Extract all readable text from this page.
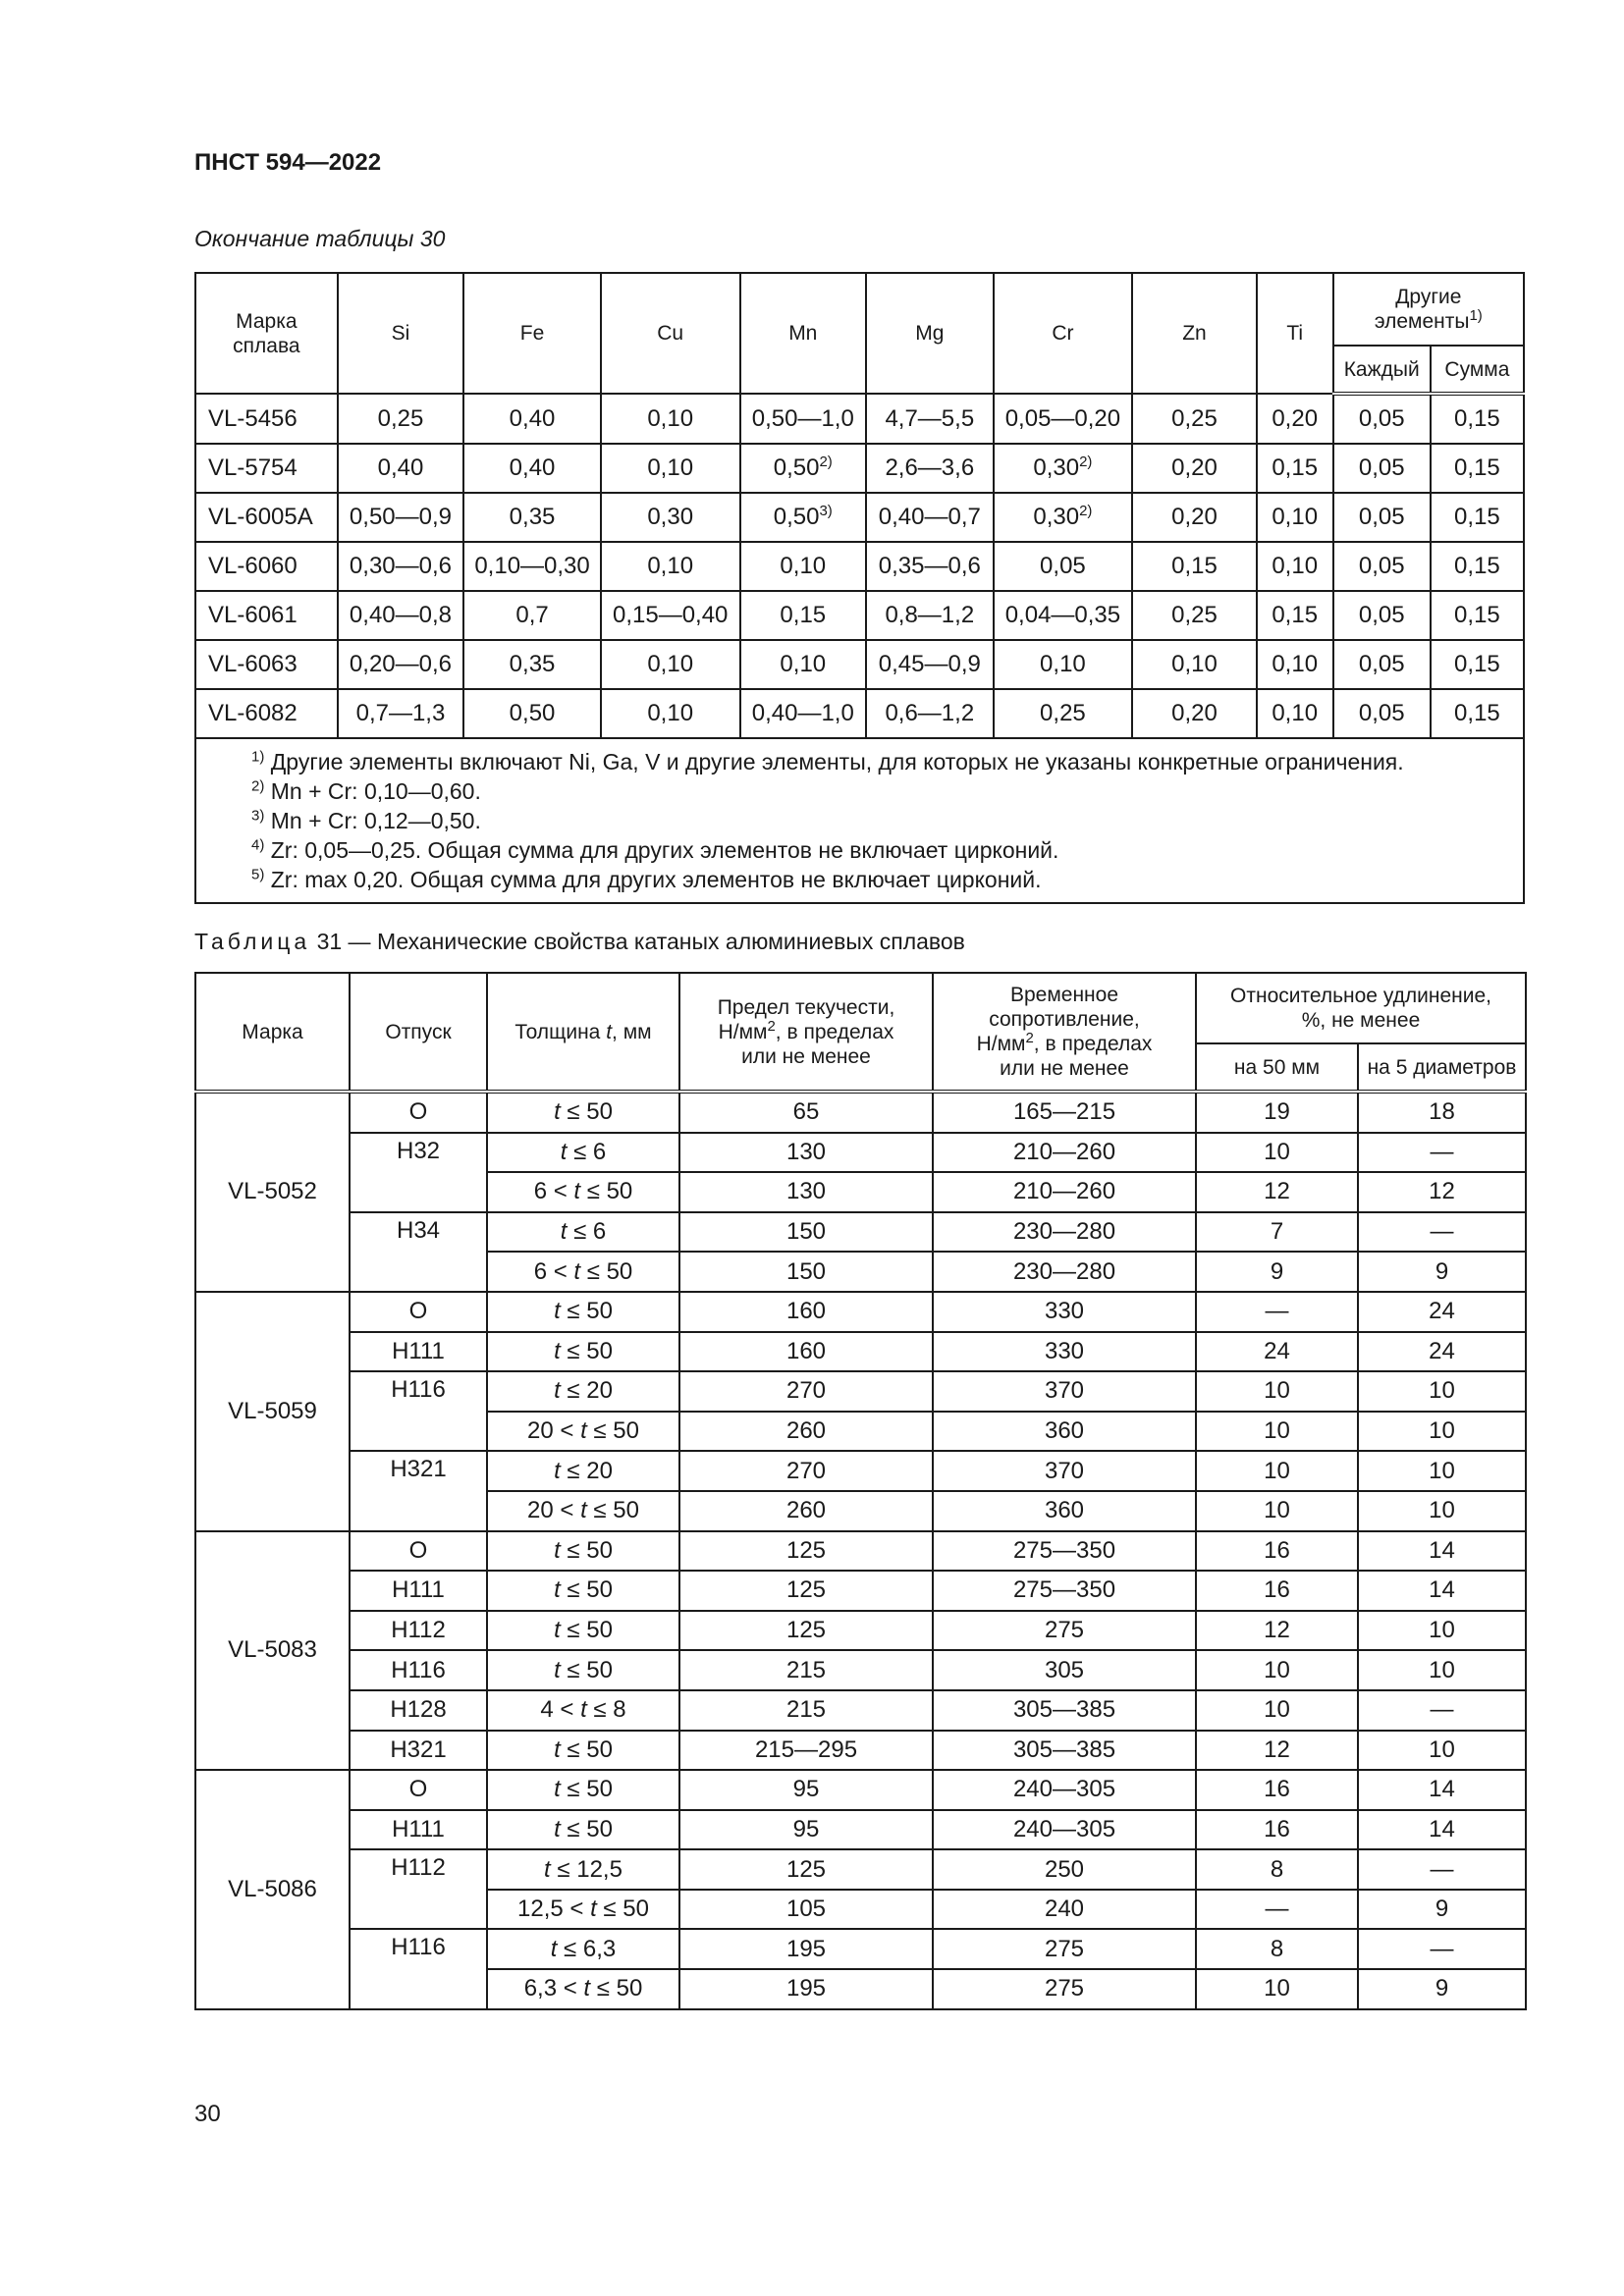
ПНСТ 594—2022
Окончание таблицы 30
Марка
сплава	Si	Fe	Cu	Mn	Mg	Cr	Zn	Ti	Другие
элементы$^{1)}$
									Каждый	Сумма
VL-5456	0,25	0,40	0,10	0,50—1,0	4,7—5,5	0,05—0,20	0,25	0,20	0,05	0,15
VL-5754	0,40	0,40	0,10	0,50$^{2)}$	2,6—3,6	0,30$^{2)}$	0,20	0,15	0,05	0,15
VL-6005A	0,50—0,9	0,35	0,30	0,50$^{3)}$	0,40—0,7	0,30$^{2)}$	0,20	0,10	0,05	0,15
VL-6060	0,30—0,6	0,10—0,30	0,10	0,10	0,35—0,6	0,05	0,15	0,10	0,05	0,15
VL-6061	0,40—0,8	0,7	0,15—0,40	0,15	0,8—1,2	0,04—0,35	0,25	0,15	0,05	0,15
VL-6063	0,20—0,6	0,35	0,10	0,10	0,45—0,9	0,10	0,10	0,10	0,05	0,15
VL-6082	0,7—1,3	0,50	0,10	0,40—1,0	0,6—1,2	0,25	0,20	0,10	0,05	0,15

$^{1)}$ Другие элементы включают Ni, Ga, V и другие элементы, для которых не указаны конкретные ограничения.
$^{2)}$ Mn + Cr: 0,10—0,60.
$^{3)}$ Mn + Cr: 0,12—0,50.
$^{4)}$ Zr: 0,05—0,25. Общая сумма для других элементов не включает цирконий.
$^{5)}$ Zr: max 0,20. Общая сумма для других элементов не включает цирконий.										
Таблица 31 — Механические свойства катаных алюминиевых сплавов
Марка	Отпуск	Толщина t, мм	Предел текучести,
$Н/мм^2$, в пределах
или не менее	Временное
сопротивление,
$Н/мм^2$, в пределах
или не менее	Относительное удлинение,
%, не менее	
					на 50 мм	на 5 диаметров
VL-5052	O	t ≤ 50	65	165—215	19	18
	H32	t ≤ 6	130	210—260	10	—
		6 < t ≤ 50	130	210—260	12	12
	H34	t ≤ 6	150	230—280	7	—
		6 < t ≤ 50	150	230—280	9	9
VL-5059	O	t ≤ 50	160	330	—	24
	H111	t ≤ 50	160	330	24	24
	H116	t ≤ 20	270	370	10	10
		20 < t ≤ 50	260	360	10	10
	H321	t ≤ 20	270	370	10	10
		20 < t ≤ 50	260	360	10	10
VL-5083	O	t ≤ 50	125	275—350	16	14
	H111	t ≤ 50	125	275—350	16	14
	H112	t ≤ 50	125	275	12	10
	H116	t ≤ 50	215	305	10	10
	H128	4 < t ≤ 8	215	305—385	10	—
	H321	t ≤ 50	215—295	305—385	12	10
VL-5086	O	t ≤ 50	95	240—305	16	14
	H111	t ≤ 50	95	240—305	16	14
	H112	t ≤ 12,5	125	250	8	—
		12,5 < t ≤ 50	105	240	—	9
	H116	t ≤ 6,3	195	275	8	—
		6,3 < t ≤ 50	195	275	10	9
30
